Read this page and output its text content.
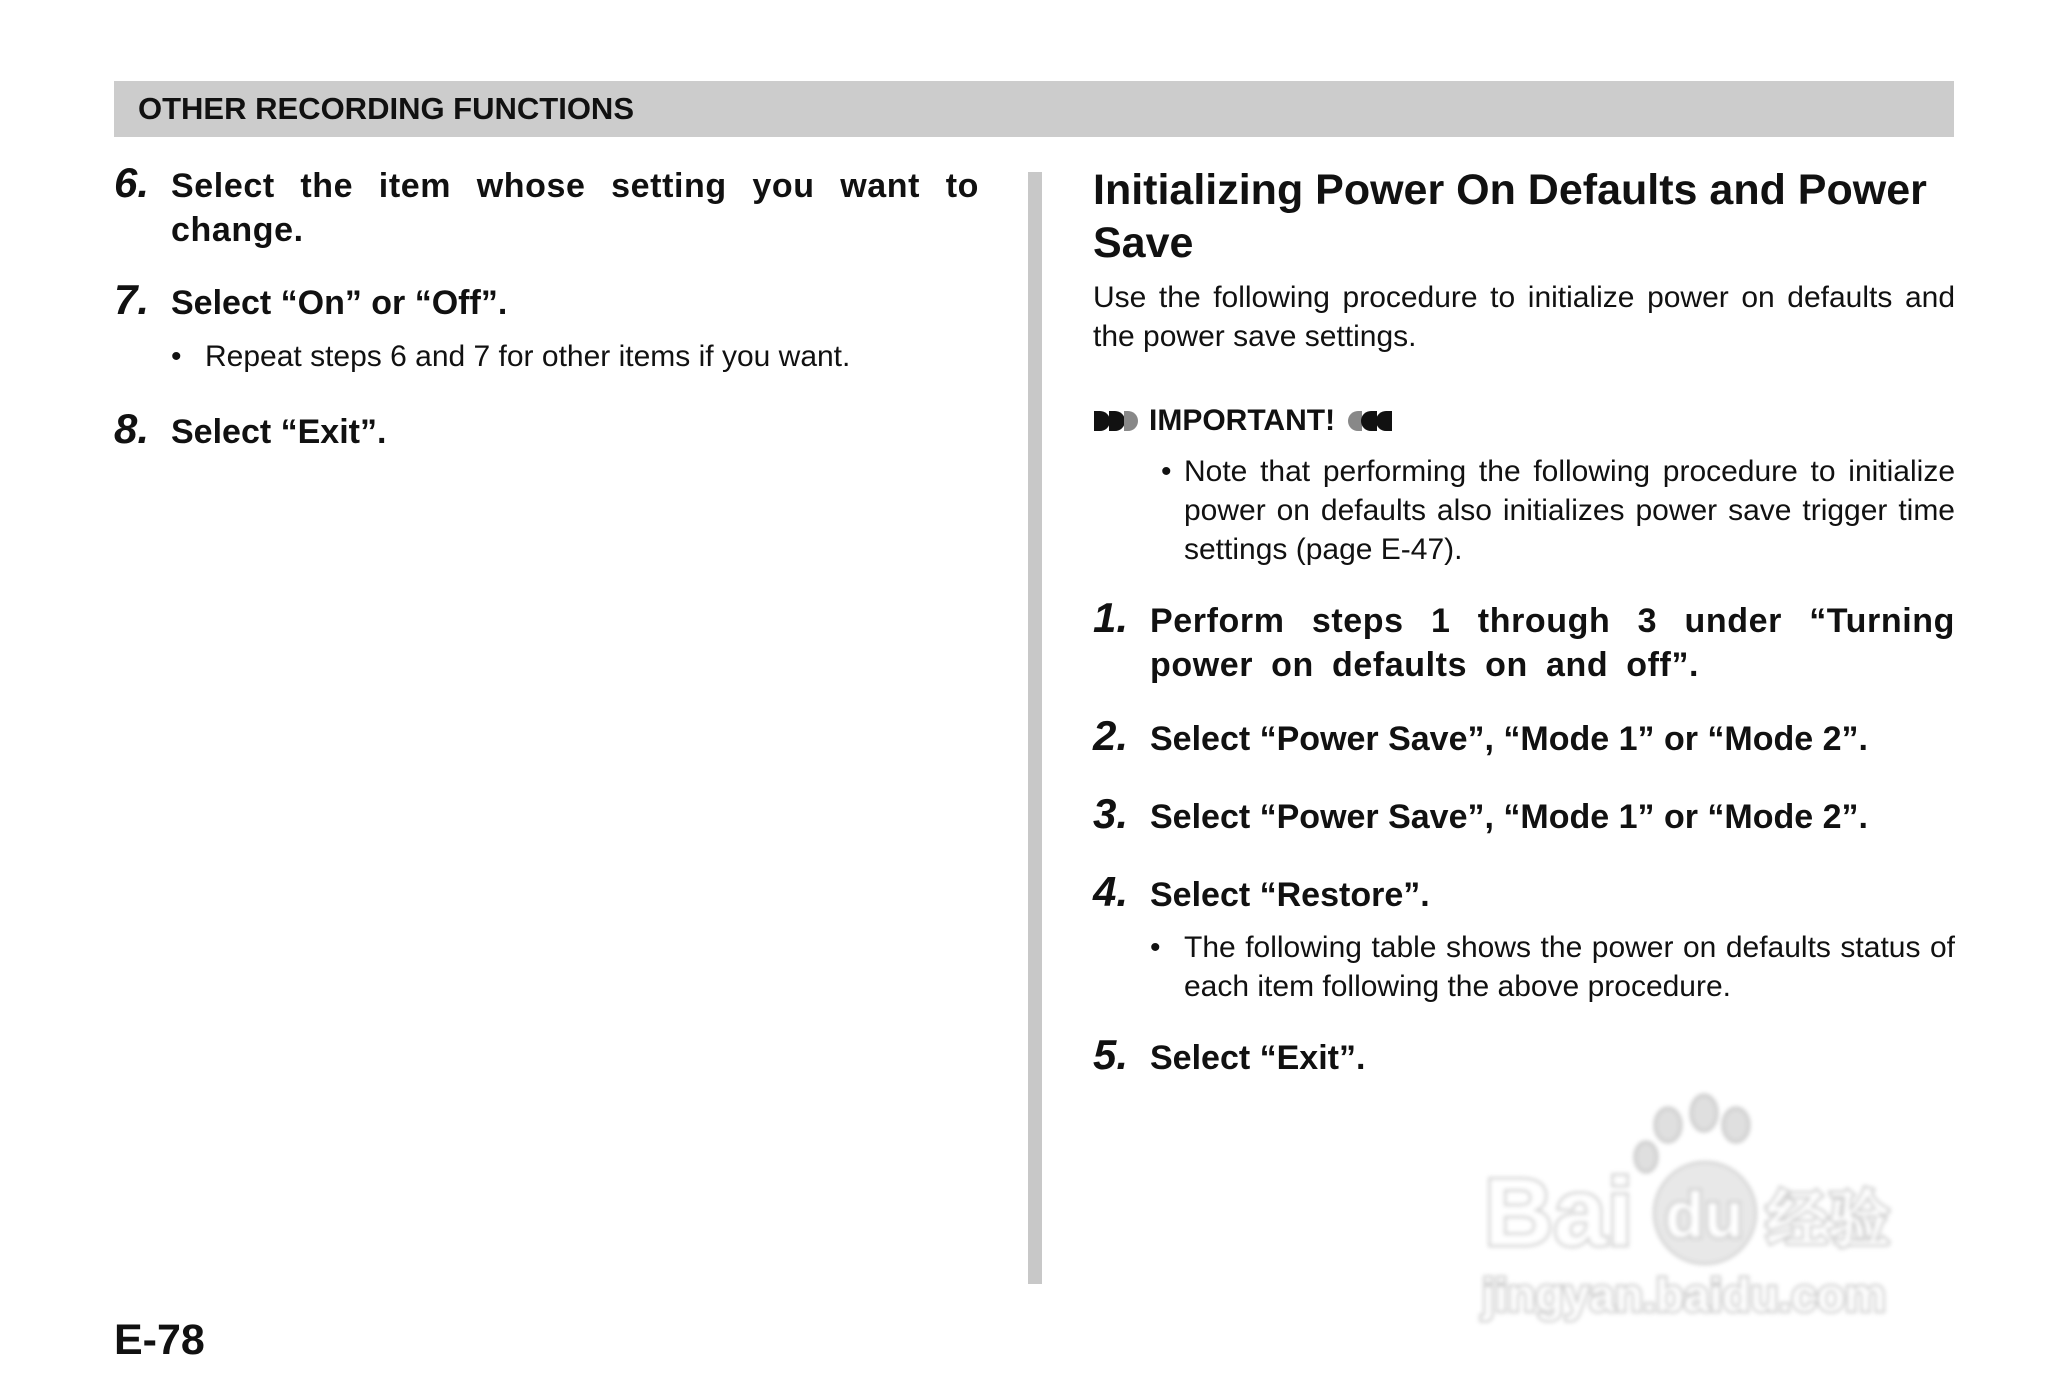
OTHER RECORDING FUNCTIONS
6. Select the item whose setting you want to change.
7. Select “On” or “Off”.
• Repeat steps 6 and 7 for other items if you want.
8. Select “Exit”.
Initializing Power On Defaults and Power Save
Use the following procedure to initialize power on defaults and the power save settings.
IMPORTANT!
• Note that performing the following procedure to initialize power on defaults also initializes power save trigger time settings (page E-47).
1. Perform steps 1 through 3 under “Turning power on defaults on and off”.
2. Select “Power Save”, “Mode 1” or “Mode 2”.
3. Select “Power Save”, “Mode 1” or “Mode 2”.
4. Select “Restore”.
• The following table shows the power on defaults status of each item following the above procedure.
5. Select “Exit”.
E-78
Bai du 经验
jingyan.baidu.com
